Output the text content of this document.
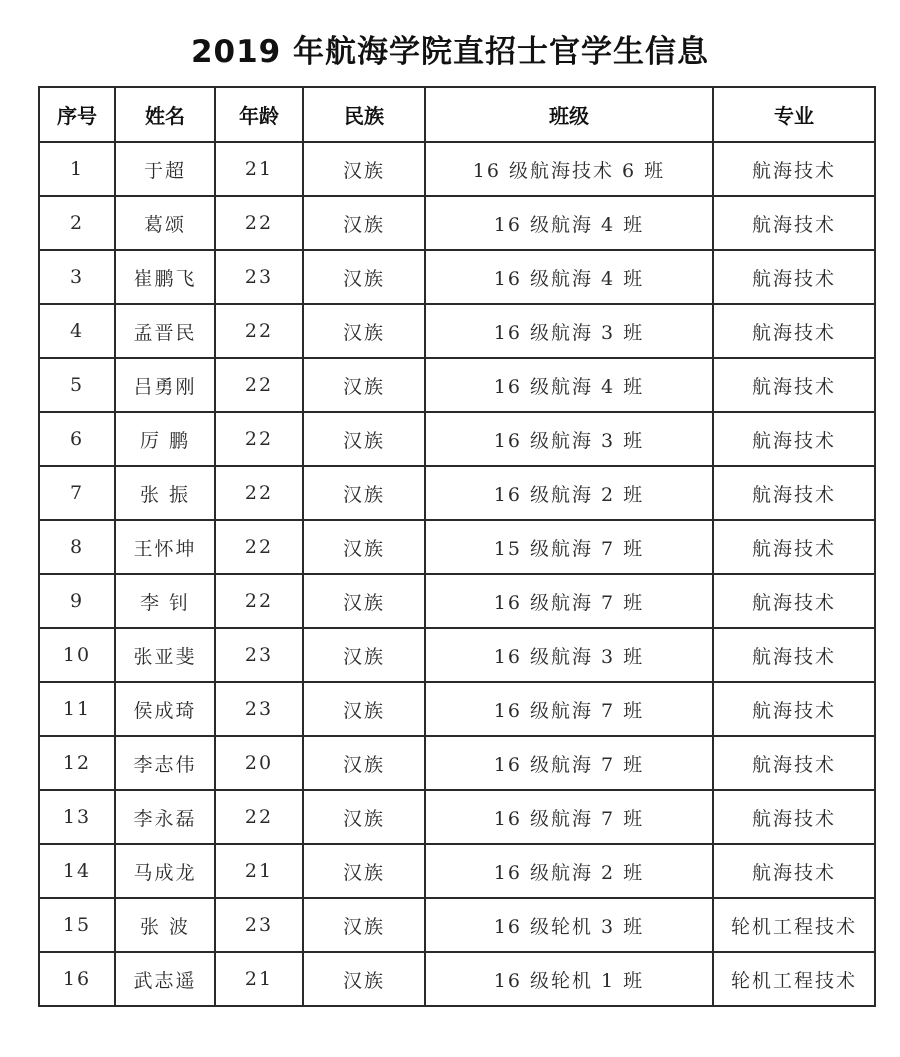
2019 年航海学院直招士官学生信息
序号	姓名	年龄	民族	班级	专业
1	于超	21	汉族	16 级航海技术 6 班	航海技术
2	葛颂	22	汉族	16 级航海 4 班	航海技术
3	崔鹏飞	23	汉族	16 级航海 4 班	航海技术
4	孟晋民	22	汉族	16 级航海 3 班	航海技术
5	吕勇刚	22	汉族	16 级航海 4 班	航海技术
6	厉 鹏	22	汉族	16 级航海 3 班	航海技术
7	张 振	22	汉族	16 级航海 2 班	航海技术
8	王怀坤	22	汉族	15 级航海 7 班	航海技术
9	李 钊	22	汉族	16 级航海 7 班	航海技术
10	张亚斐	23	汉族	16 级航海 3 班	航海技术
11	侯成琦	23	汉族	16 级航海 7 班	航海技术
12	李志伟	20	汉族	16 级航海 7 班	航海技术
13	李永磊	22	汉族	16 级航海 7 班	航海技术
14	马成龙	21	汉族	16 级航海 2 班	航海技术
15	张 波	23	汉族	16 级轮机 3 班	轮机工程技术
16	武志遥	21	汉族	16 级轮机 1 班	轮机工程技术
